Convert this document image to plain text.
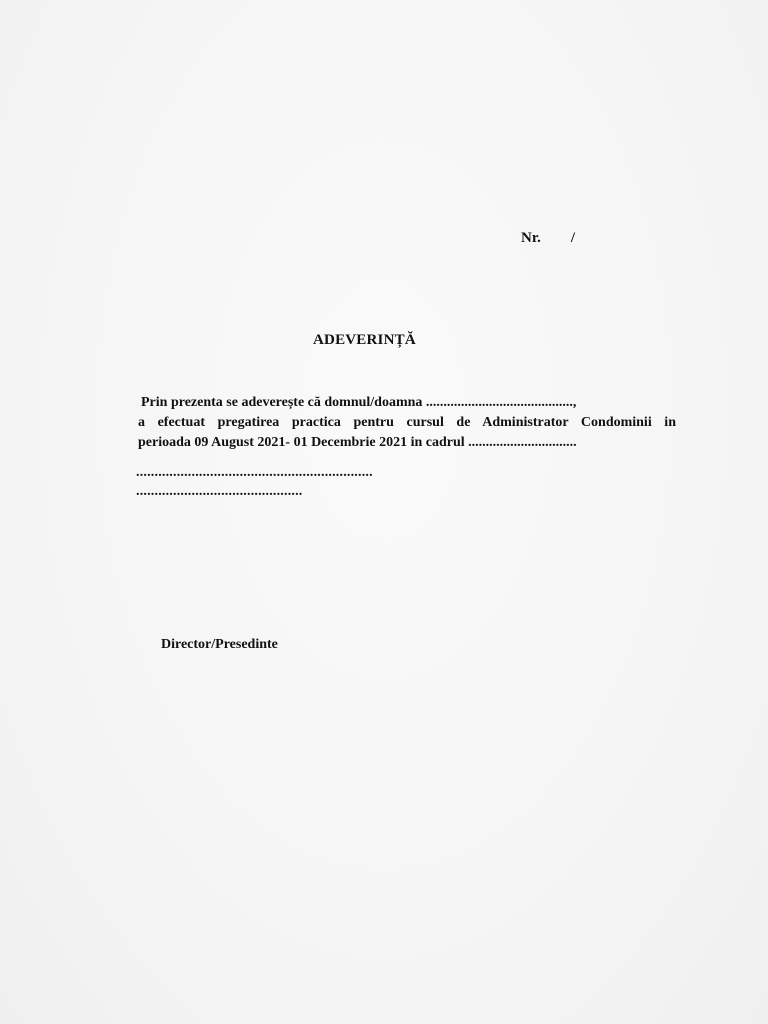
Nr.        /
ADEVERINȚĂ
Prin prezenta se adeverește că domnul/doamna ..........................................,
a efectuat pregatirea practica pentru cursul de Administrator Condominii in
perioada 09 August 2021- 01 Decembrie 2021 in cadrul ...............................
................................................................
.............................................
Director/Presedinte
